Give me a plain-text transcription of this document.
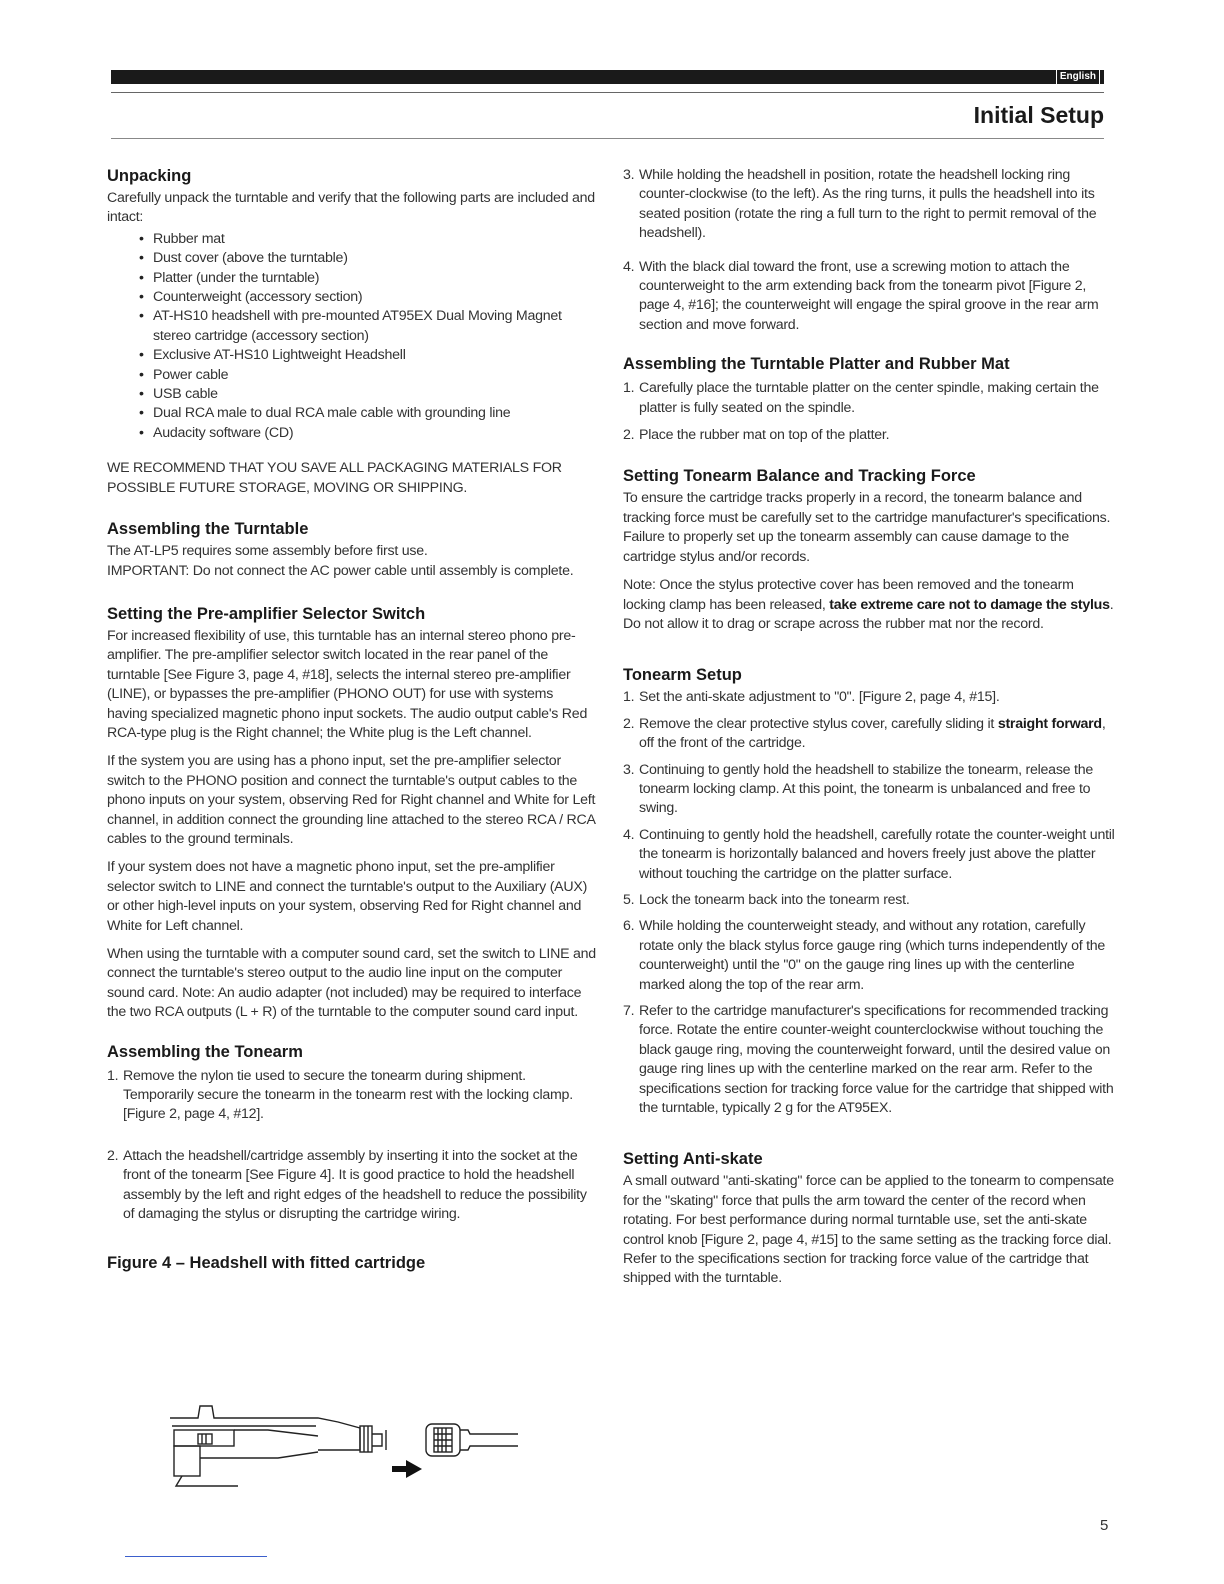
English
Initial Setup
Unpacking

Carefully unpack the turntable and verify that the following parts are included and intact:

• Rubber mat
• Dust cover (above the turntable)
• Platter (under the turntable)
• Counterweight (accessory section)
• AT-HS10 headshell with pre-mounted AT95EX Dual Moving Magnet stereo cartridge (accessory section)
• Exclusive AT-HS10 Lightweight Headshell
• Power cable
• USB cable
• Dual RCA male to dual RCA male cable with grounding line
• Audacity software (CD)

WE RECOMMEND THAT YOU SAVE ALL PACKAGING MATERIALS FOR POSSIBLE FUTURE STORAGE, MOVING OR SHIPPING.

Assembling the Turntable

The AT-LP5 requires some assembly before first use.

IMPORTANT: Do not connect the AC power cable until assembly is complete.

Setting the Pre-amplifier Selector Switch

For increased flexibility of use, this turntable has an internal stereo phono pre-amplifier. The pre-amplifier selector switch located in the rear panel of the turntable [See Figure 3, page 4, #18], selects the internal stereo pre-amplifier (LINE), or bypasses the pre-amplifier (PHONO OUT) for use with systems having specialized magnetic phono input sockets. The audio output cable's Red RCA-type plug is the Right channel; the White plug is the Left channel.

If the system you are using has a phono input, set the pre-amplifier selector switch to the PHONO position and connect the turntable's output cables to the phono inputs on your system, observing Red for Right channel and White for Left channel, in addition connect the grounding line attached to the stereo RCA / RCA cables to the ground terminals.

If your system does not have a magnetic phono input, set the pre-amplifier selector switch to LINE and connect the turntable's output to the Auxiliary (AUX) or other high-level inputs on your system, observing Red for Right channel and White for Left channel.

When using the turntable with a computer sound card, set the switch to LINE and connect the turntable's stereo output to the audio line input on the computer sound card. Note: An audio adapter (not included) may be required to interface the two RCA outputs (L + R) of the turntable to the computer sound card input.

Assembling the Tonearm
1. Remove the nylon tie used to secure the tonearm during shipment. Temporarily secure the tonearm in the tonearm rest with the locking clamp. [Figure 2, page 4, #12].
2. Attach the headshell/cartridge assembly by inserting it into the socket at the front of the tonearm [See Figure 4]. It is good practice to hold the headshell assembly by the left and right edges of the headshell to reduce the possibility of damaging the stylus or disrupting the cartridge wiring.
Figure 4 – Headshell with fitted cartridge
3. While holding the headshell in position, rotate the headshell locking ring counter-clockwise (to the left). As the ring turns, it pulls the headshell into its seated position (rotate the ring a full turn to the right to permit removal of the headshell).
4. With the black dial toward the front, use a screwing motion to attach the counterweight to the arm extending back from the tonearm pivot [Figure 2, page 4, #16]; the counterweight will engage the spiral groove in the rear arm section and move forward.
Assembling the Turntable Platter and Rubber Mat
1. Carefully place the turntable platter on the center spindle, making certain the platter is fully seated on the spindle.
2. Place the rubber mat on top of the platter.
Setting Tonearm Balance and Tracking Force

To ensure the cartridge tracks properly in a record, the tonearm balance and tracking force must be carefully set to the cartridge manufacturer's specifications. Failure to properly set up the tonearm assembly can cause damage to the cartridge stylus and/or records.

Note: Once the stylus protective cover has been removed and the tonearm locking clamp has been released, take extreme care not to damage the stylus. Do not allow it to drag or scrape across the rubber mat nor the record.

Tonearm Setup
1. Set the anti-skate adjustment to "0". [Figure 2, page 4, #15].
2. Remove the clear protective stylus cover, carefully sliding it straight forward, off the front of the cartridge.
3. Continuing to gently hold the headshell to stabilize the tonearm, release the tonearm locking clamp. At this point, the tonearm is unbalanced and free to swing.
4. Continuing to gently hold the headshell, carefully rotate the counter-weight until the tonearm is horizontally balanced and hovers freely just above the platter without touching the cartridge on the platter surface.
5. Lock the tonearm back into the tonearm rest.
6. While holding the counterweight steady, and without any rotation, carefully rotate only the black stylus force gauge ring (which turns independently of the counterweight) until the "0" on the gauge ring lines up with the centerline marked along the top of the rear arm.
7. Refer to the cartridge manufacturer's specifications for recommended tracking force. Rotate the entire counter-weight counterclockwise without touching the black gauge ring, moving the counterweight forward, until the desired value on gauge ring lines up with the centerline marked on the rear arm. Refer to the specifications section for tracking force value for the cartridge that shipped with the turntable, typically 2 g for the AT95EX.
Setting Anti-skate

A small outward "anti-skating" force can be applied to the tonearm to compensate for the "skating" force that pulls the arm toward the center of the record when rotating. For best performance during normal turntable use, set the anti-skate control knob [Figure 2, page 4, #15] to the same setting as the tracking force dial. Refer to the specifications section for tracking force value of the cartridge that shipped with the turntable.

5
